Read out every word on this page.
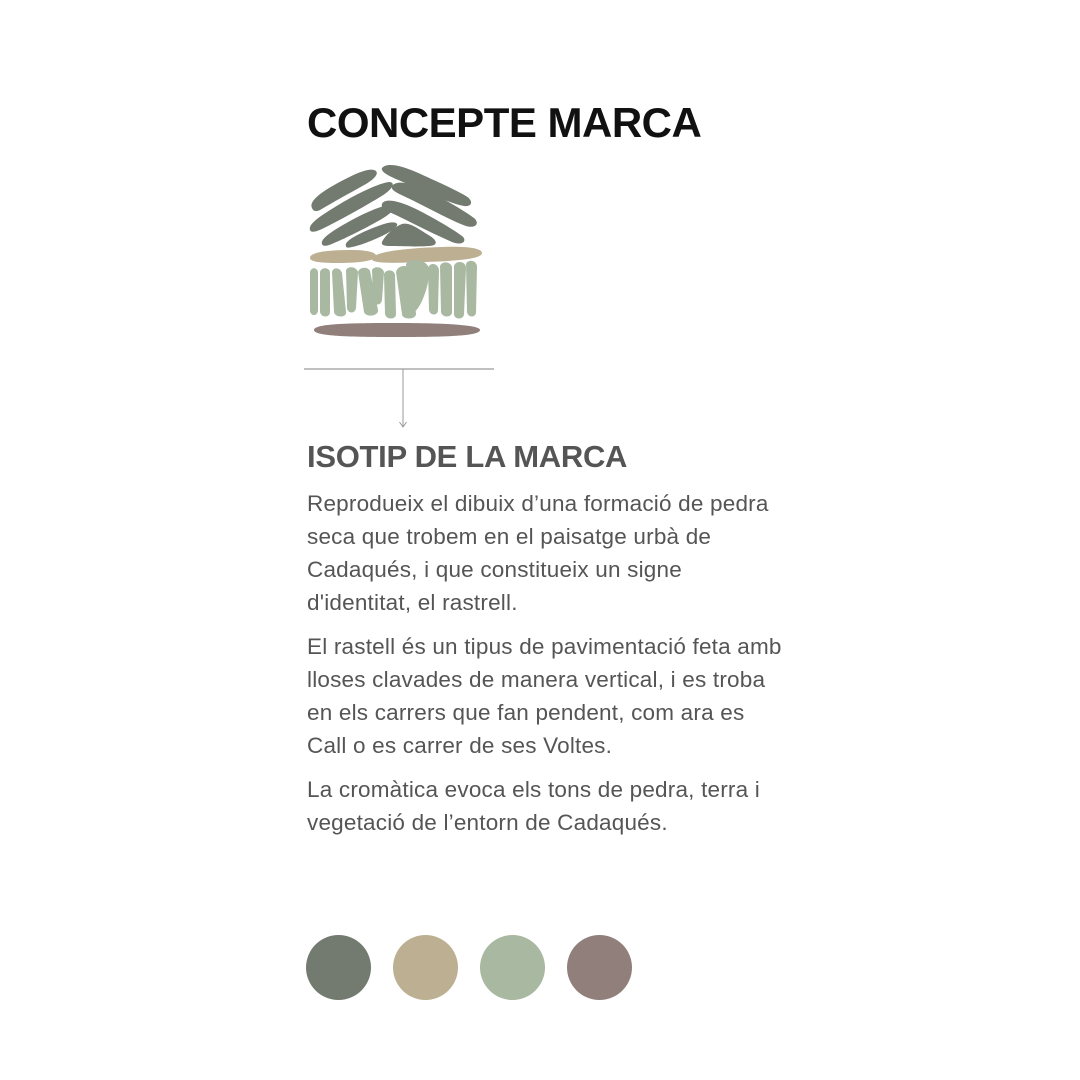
CONCEPTE MARCA
ISOTIP DE LA MARCA

Reprodueix el dibuix d’una formació de pedra seca que trobem en el paisatge urbà de Cadaqués, i que constitueix un signe d'identitat, el rastrell.

El rastell és un tipus de pavimentació feta amb lloses clavades de manera vertical, i es troba en els carrers que fan pendent, com ara es Call o es carrer de ses Voltes.

La cromàtica evoca els tons de pedra, terra i vegetació de l’entorn de Cadaqués.
